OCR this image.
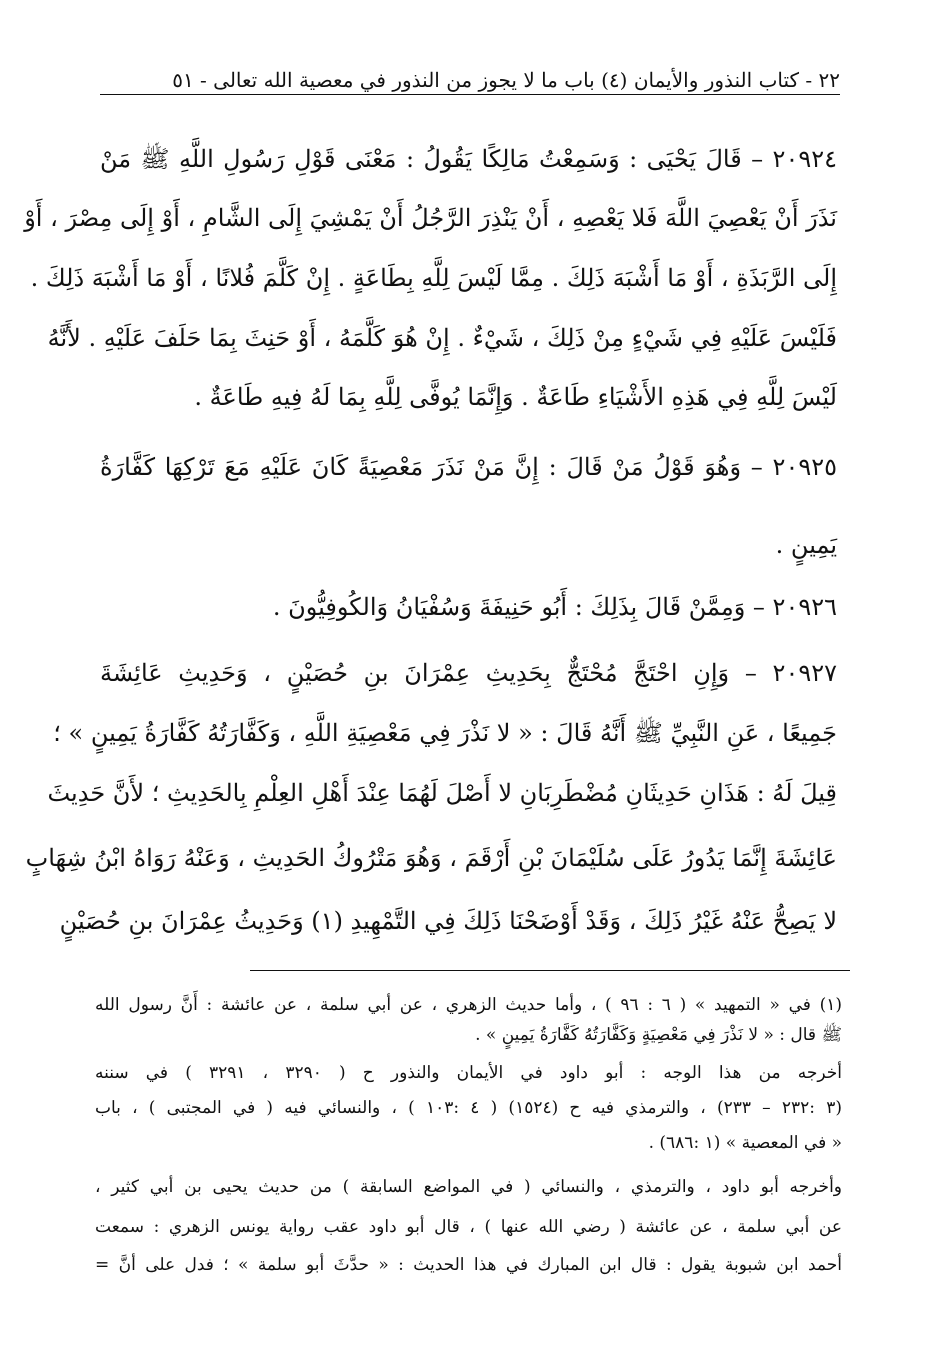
٢٢ - كتاب النذور والأيمان (٤) باب ما لا يجوز من النذور في معصية الله تعالى - ٥١
٢٠٩٢٤ – قَالَ يَحْيَى : وَسَمِعْتُ مَالِكًا يَقُولُ : مَعْنَى قَوْلِ رَسُولِ اللَّهِ ﷺ مَنْ
نَذَرَ أَنْ يَعْصِيَ اللَّهَ فَلا يَعْصِهِ ، أَنْ يَنْذِرَ الرَّجُلُ أَنْ يَمْشِيَ إِلَى الشَّامِ ، أَوْ إِلَى مِصْرَ ، أَوْ
إِلَى الرَّبَذَةِ ، أَوْ مَا أَشْبَهَ ذَلِكَ . مِمَّا لَيْسَ لِلَّهِ بِطَاعَةٍ . إِنْ كَلَّمَ فُلانًا ، أَوْ مَا أَشْبَهَ ذَلِكَ .
فَلَيْسَ عَلَيْهِ فِي شَيْءٍ مِنْ ذَلِكَ ، شَيْءٌ . إِنْ هُوَ كَلَّمَهُ ، أَوْ حَنِثَ بِمَا حَلَفَ عَلَيْهِ . لأَنَّهُ
لَيْسَ لِلَّهِ فِي هَذِهِ الأَشْيَاءِ طَاعَةٌ . وَإِنَّمَا يُوفَّى لِلَّهِ بِمَا لَهُ فِيهِ طَاعَةٌ .
٢٠٩٢٥ – وَهُوَ قَوْلُ مَنْ قَالَ : إِنَّ مَنْ نَذَرَ مَعْصِيَةً كَانَ عَلَيْهِ مَعَ تَرْكِهَا كَفَّارَةُ
يَمِينٍ .
٢٠٩٢٦ – وَمِمَّنْ قَالَ بِذَلِكَ : أَبُو حَنِيفَةَ وَسُفْيَانُ وَالكُوفِيُّونَ .
٢٠٩٢٧ – وَإِنِ احْتَجَّ مُحْتَجٌّ بِحَدِيثِ عِمْرَانَ بنِ حُصَيْنٍ ، وَحَدِيثِ عَائِشَةَ
جَمِيعًا ، عَنِ النَّبِيِّ ﷺ أَنَّهُ قَالَ : « لا نَذْرَ فِي مَعْصِيَةِ اللَّهِ ، وَكَفَّارَتُهُ كَفَّارَةُ يَمِينٍ » ؛
قِيلَ لَهُ : هَذَانِ حَدِيثَانِ مُضْطَرِبَانِ لا أَصْلَ لَهُمَا عِنْدَ أَهْلِ العِلْمِ بِالحَدِيثِ ؛ لأَنَّ حَدِيثَ
عَائِشَةَ إِنَّمَا يَدُورُ عَلَى سُلَيْمَانَ بْنِ أَرْقَمَ ، وَهُوَ مَتْرُوكُ الحَدِيثِ ، وَعَنْهُ رَوَاهُ ابْنُ شِهَابٍ
لا يَصِحُّ عَنْهُ غَيْرُ ذَلِكَ ، وَقَدْ أَوْضَحْنَا ذَلِكَ فِي التَّمْهِيدِ (١) وَحَدِيثُ عِمْرَانَ بنِ حُصَيْنٍ
(١) في « التمهيد » ( ٦ : ٩٦ ) ، وأما حديث الزهري ، عن أبي سلمة ، عن عائشة : أَنَّ رسول الله
ﷺ قال : « لا نَذْرَ فِي مَعْصِيَةٍ وَكَفَّارَتُهُ كَفَّارَةُ يَمِينٍ » .
أخرجه من هذا الوجه : أبو داود في الأيمان والنذور ح ( ٣٢٩٠ ، ٣٢٩١ ) في سننه
(٣ :٢٣٢ – ٢٣٣) ، والترمذي فيه ح (١٥٢٤) ( ٤ :١٠٣ ) ، والنسائي فيه ( في المجتبى ) ، باب
« في المعصية » (١ :٦٨٦) .
وأخرجه أبو داود ، والترمذي ، والنسائي ( في المواضع السابقة ) من حديث يحيى بن أبي كثير ،
عن أبي سلمة ، عن عائشة ( رضي الله عنها ) ، قال أبو داود عقب رواية يونس الزهري : سمعت
أحمد ابن شبوبة يقول : قال ابن المبارك في هذا الحديث : « حدَّثَ أبو سلمة » ؛ فدل على أنَّ =
